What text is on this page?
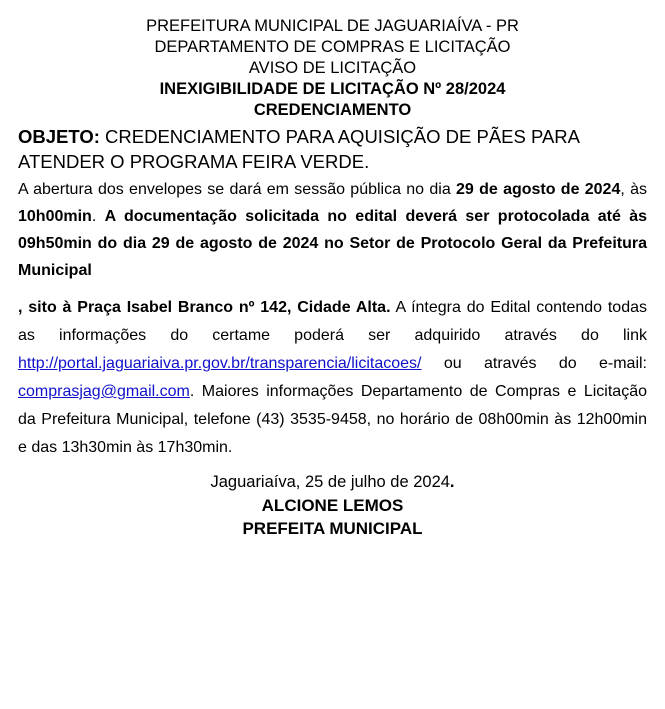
PREFEITURA MUNICIPAL DE JAGUARIAÍVA - PR
DEPARTAMENTO DE COMPRAS E LICITAÇÃO
AVISO DE LICITAÇÃO
INEXIGIBILIDADE DE LICITAÇÃO Nº 28/2024
CREDENCIAMENTO
OBJETO: CREDENCIAMENTO PARA AQUISIÇÃO DE PÃES PARA ATENDER O PROGRAMA FEIRA VERDE.
A abertura dos envelopes se dará em sessão pública no dia 29 de agosto de 2024, às 10h00min. A documentação solicitada no edital deverá ser protocolada até às 09h50min do dia 29 de agosto de 2024 no Setor de Protocolo Geral da Prefeitura Municipal
, sito à Praça Isabel Branco nº 142, Cidade Alta. A íntegra do Edital contendo todas as informações do certame poderá ser adquirido através do link http://portal.jaguariaiva.pr.gov.br/transparencia/licitacoes/ ou através do e-mail: comprasjag@gmail.com. Maiores informações Departamento de Compras e Licitação da Prefeitura Municipal, telefone (43) 3535-9458, no horário de 08h00min às 12h00min e das 13h30min às 17h30min.
Jaguariaíva, 25 de julho de 2024.
ALCIONE LEMOS
PREFEITA MUNICIPAL
